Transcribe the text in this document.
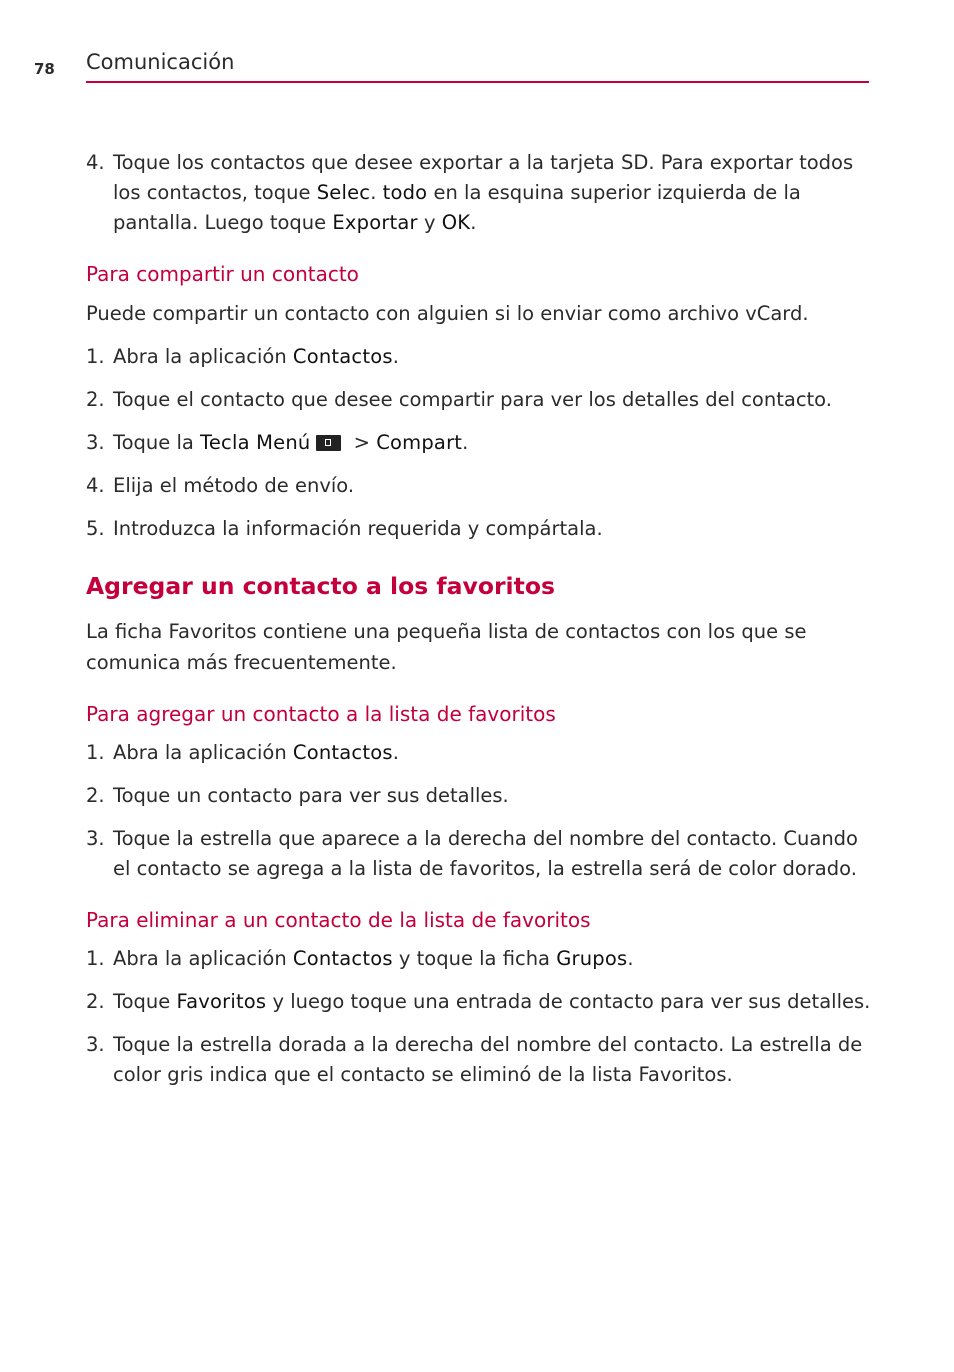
78 Comunicación
4. Toque los contactos que desee exportar a la tarjeta SD. Para exportar todos los contactos, toque Selec. todo en la esquina superior izquierda de la pantalla. Luego toque Exportar y OK.
Para compartir un contacto
Puede compartir un contacto con alguien si lo enviar como archivo vCard.
1. Abra la aplicación Contactos.
2. Toque el contacto que desee compartir para ver los detalles del contacto.
3. Toque la Tecla Menú > Compart.
4. Elija el método de envío.
5. Introduzca la información requerida y compártala.
Agregar un contacto a los favoritos
La ficha Favoritos contiene una pequeña lista de contactos con los que se comunica más frecuentemente.
Para agregar un contacto a la lista de favoritos
1. Abra la aplicación Contactos.
2. Toque un contacto para ver sus detalles.
3. Toque la estrella que aparece a la derecha del nombre del contacto. Cuando el contacto se agrega a la lista de favoritos, la estrella será de color dorado.
Para eliminar a un contacto de la lista de favoritos
1. Abra la aplicación Contactos y toque la ficha Grupos.
2. Toque Favoritos y luego toque una entrada de contacto para ver sus detalles.
3. Toque la estrella dorada a la derecha del nombre del contacto. La estrella de color gris indica que el contacto se eliminó de la lista Favoritos.
